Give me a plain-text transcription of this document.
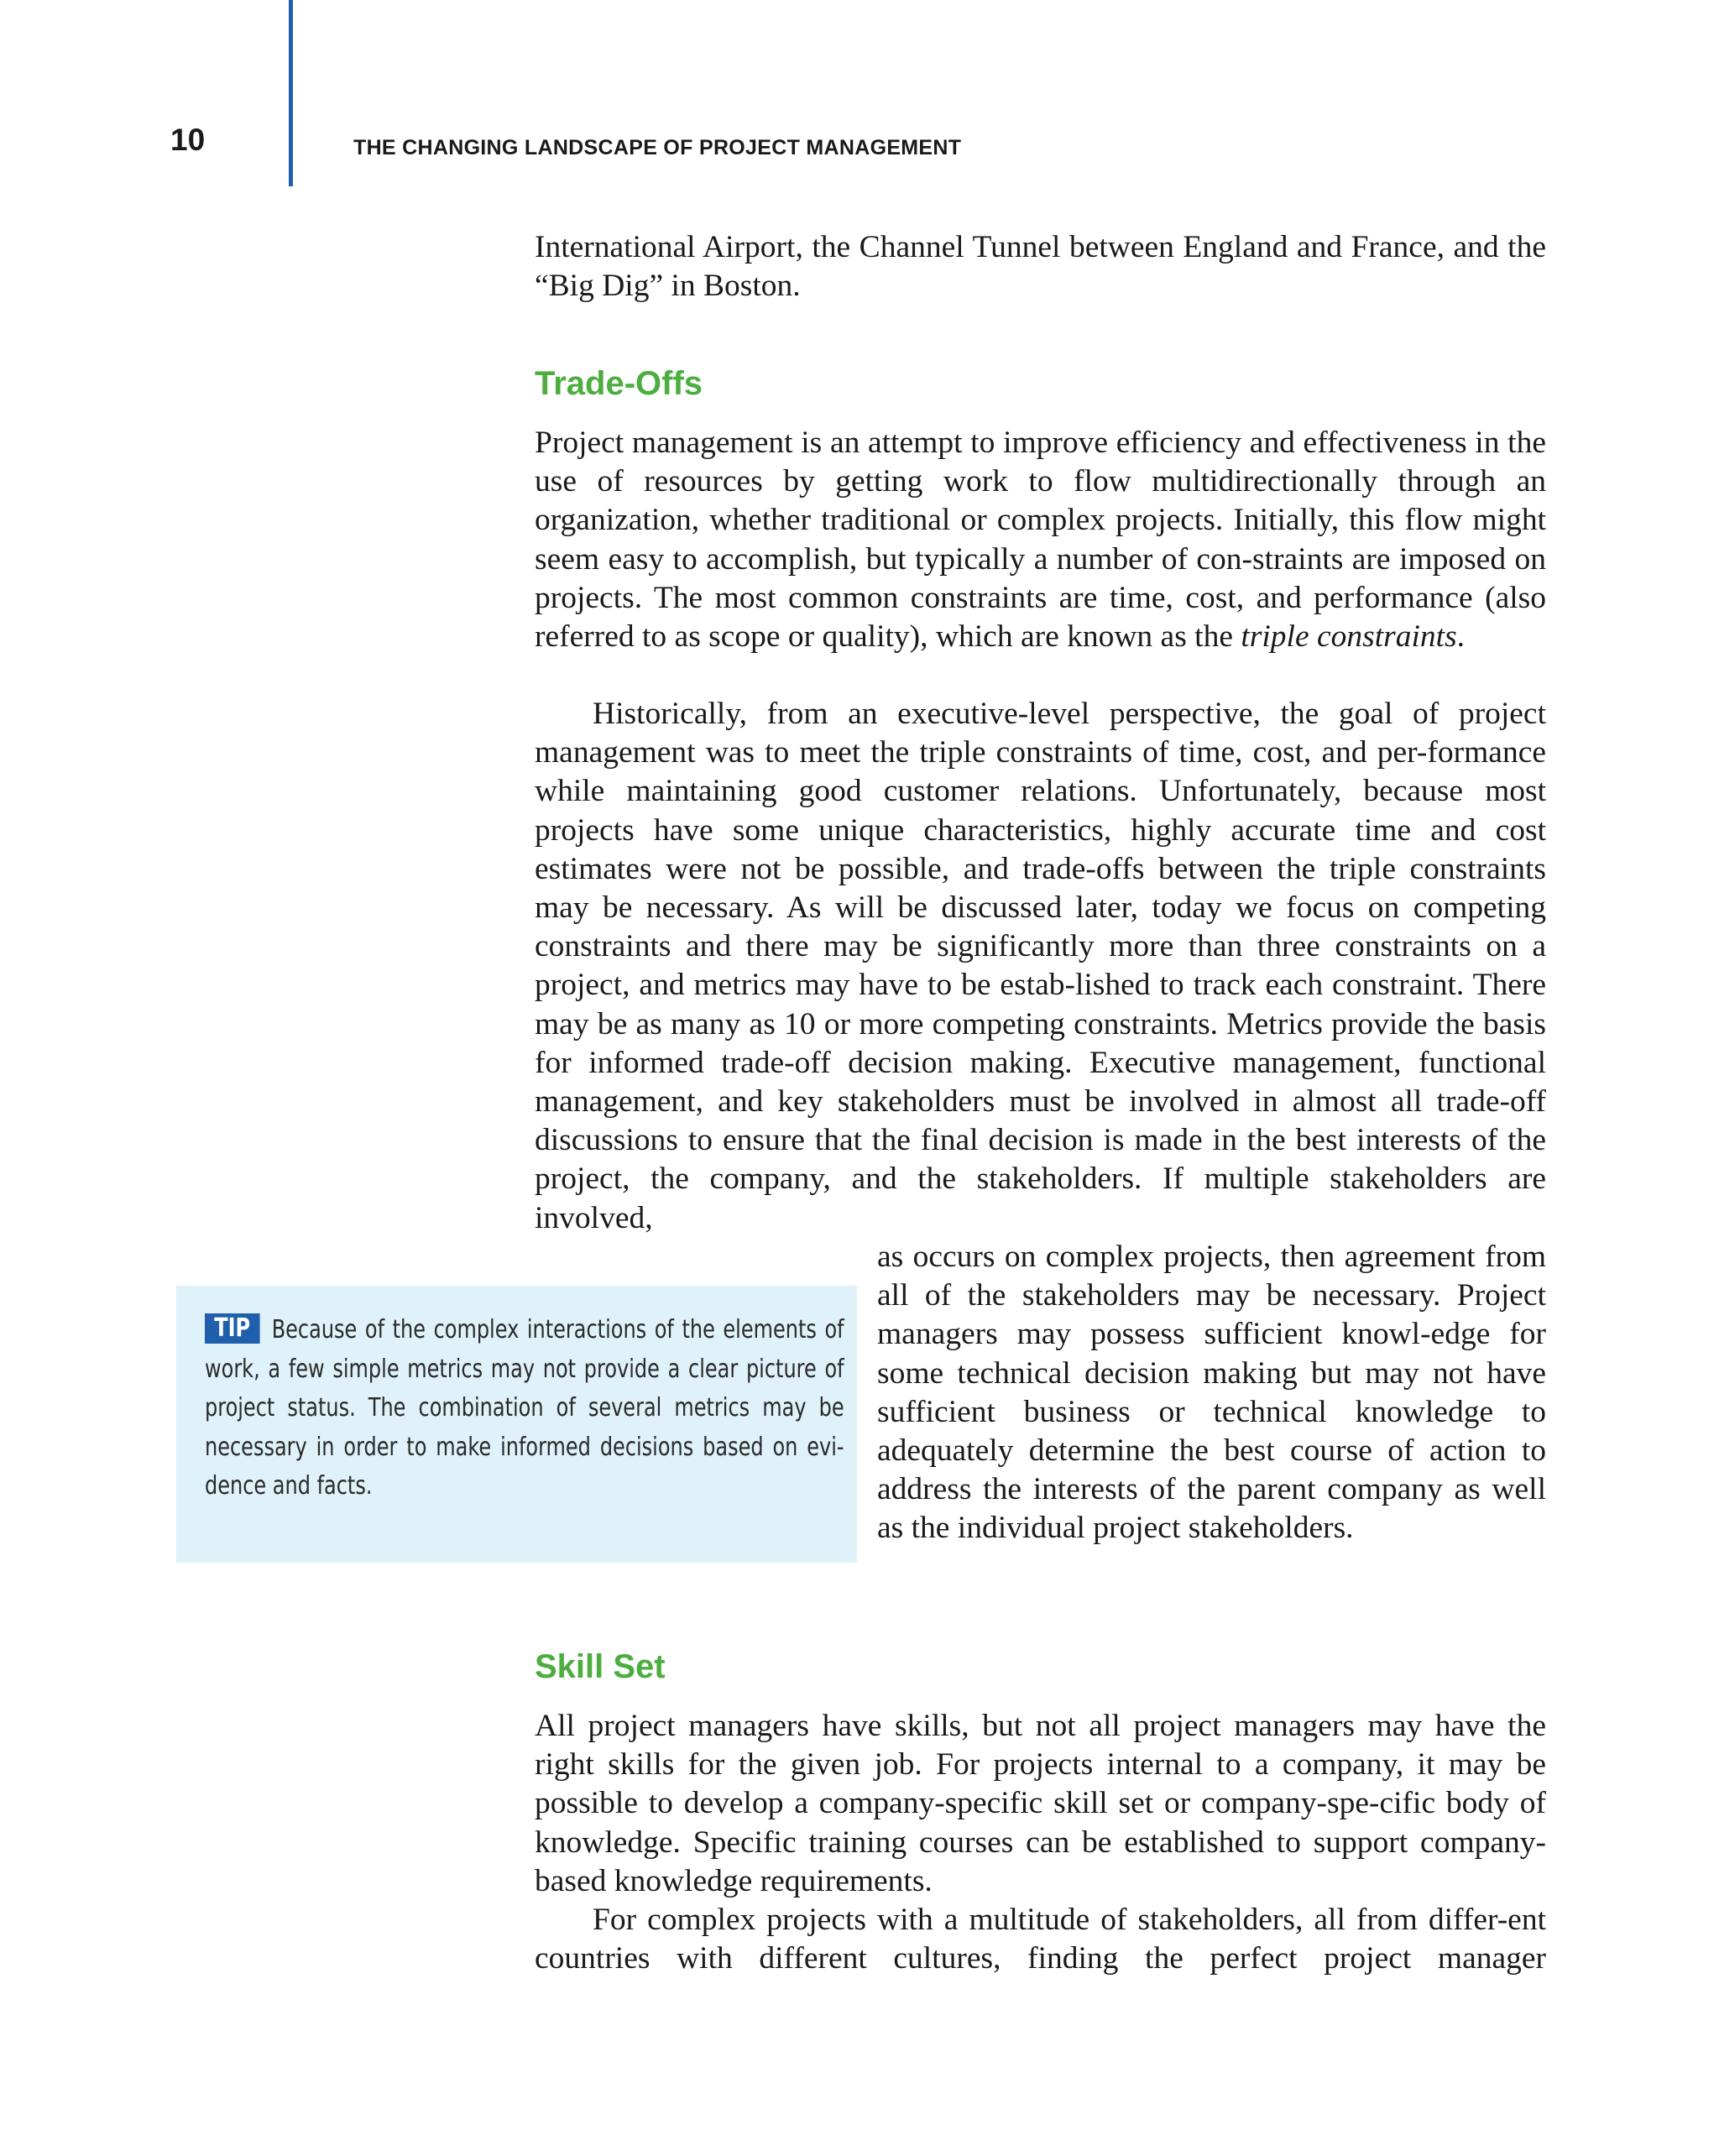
10	THE CHANGING LANDSCAPE OF PROJECT MANAGEMENT

International Airport, the Channel Tunnel between England and France, and the “Big Dig” in Boston.

Trade-Offs

Project management is an attempt to improve efficiency and effectiveness in the use of resources by getting work to flow multidirectionally through an organization, whether traditional or complex projects. Initially, this flow might seem easy to accomplish, but typically a number of con-straints are imposed on projects. The most common constraints are time, cost, and performance (also referred to as scope or quality), which are known as the triple constraints.

Historically, from an executive-level perspective, the goal of project management was to meet the triple constraints of time, cost, and per-formance while maintaining good customer relations. Unfortunately, because most projects have some unique characteristics, highly accurate time and cost estimates were not be possible, and trade-offs between the triple constraints may be necessary. As will be discussed later, today we focus on competing constraints and there may be significantly more than three constraints on a project, and metrics may have to be estab-lished to track each constraint. There may be as many as 10 or more competing constraints. Metrics provide the basis for informed trade-off decision making. Executive management, functional management, and key stakeholders must be involved in almost all trade-off discussions to ensure that the final decision is made in the best interests of the project, the company, and the stakeholders. If multiple stakeholders are involved,

as occurs on complex projects, then agreement from all of the stakeholders may be necessary. Project managers may possess sufficient knowl-edge for some technical decision making but may not have sufficient business or technical knowledge to adequately determine the best course of action to address the interests of the parent company as well as the individual project stakeholders.

TIP Because of the complex interactions of the elements of work, a few simple metrics may not provide a clear picture of project status. The combination of several metrics may be necessary in order to make informed decisions based on evi-dence and facts.

Skill Set

All project managers have skills, but not all project managers may have the right skills for the given job. For projects internal to a company, it may be possible to develop a company-specific skill set or company-spe-cific body of knowledge. Specific training courses can be established to support company-based knowledge requirements.

For complex projects with a multitude of stakeholders, all from differ-ent countries with different cultures, finding the perfect project manager
